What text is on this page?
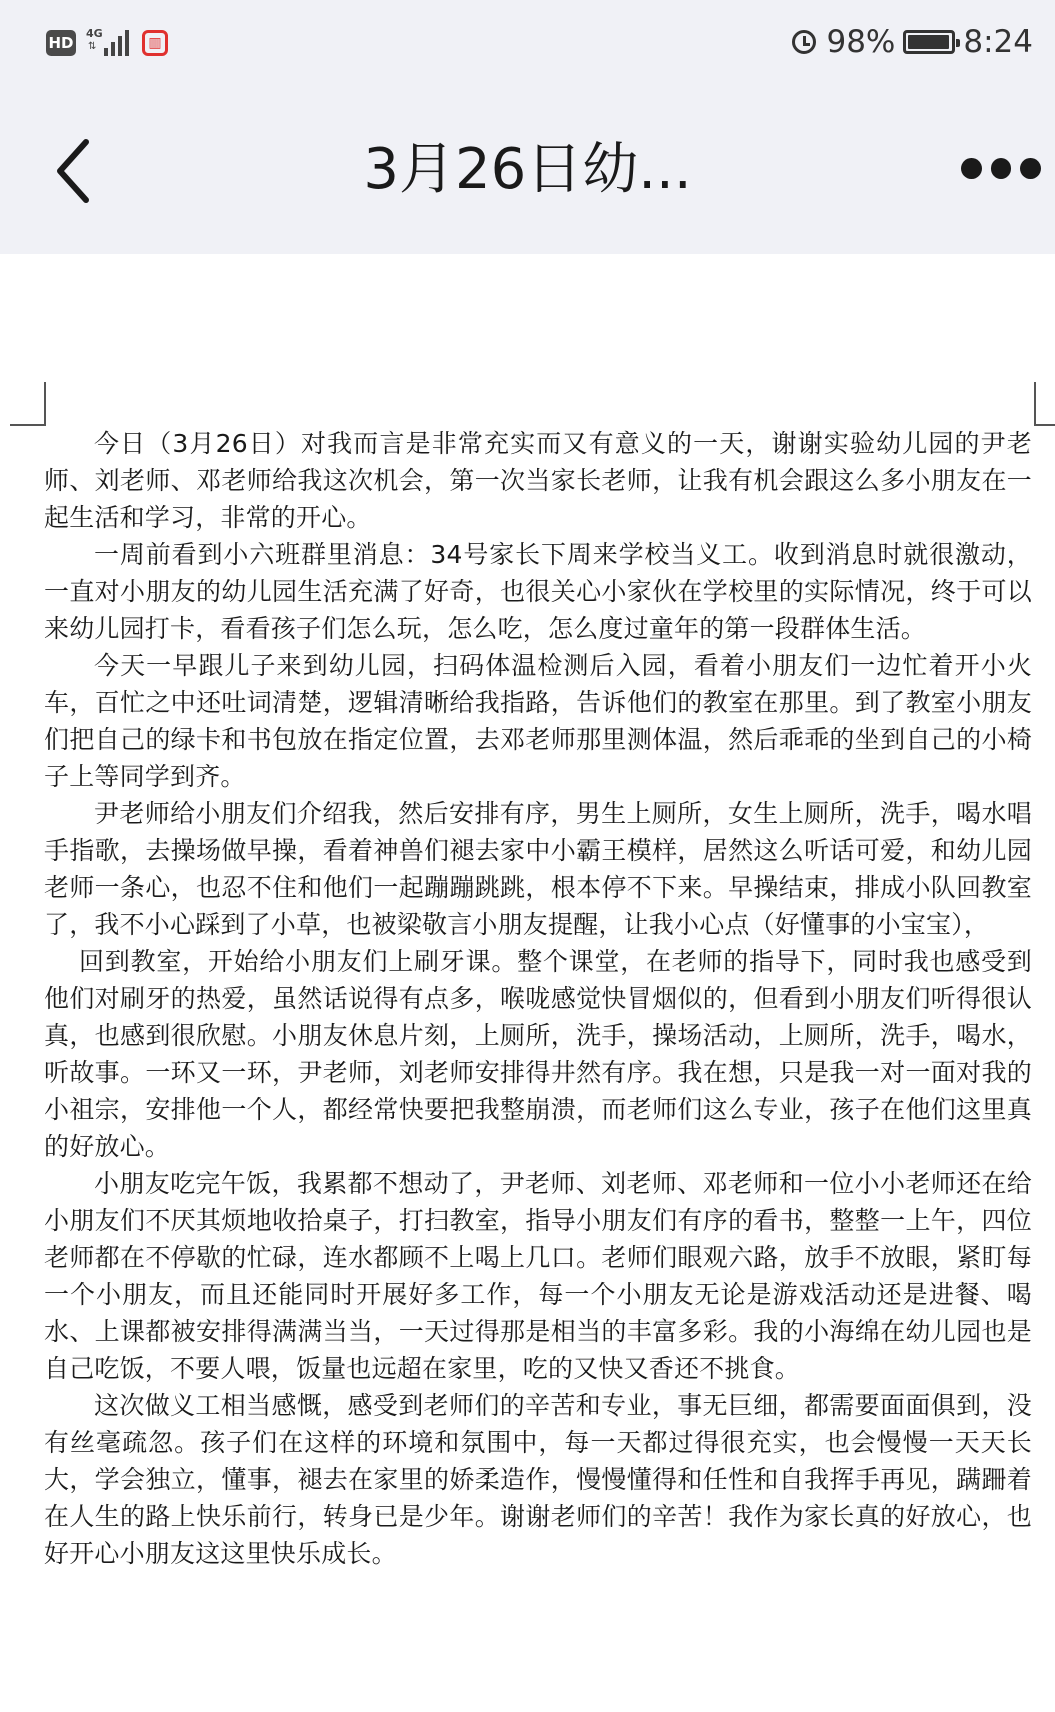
HD
4G
⇅	▥	98% 8:24
3月26日幼...

今日（3月26日）对我而言是非常充实而又有意义的一天，谢谢实验幼儿园的尹老师、刘老师、邓老师给我这次机会，第一次当家长老师，让我有机会跟这么多小朋友在一起生活和学习，非常的开心。

一周前看到小六班群里消息：34号家长下周来学校当义工。收到消息时就很激动，一直对小朋友的幼儿园生活充满了好奇，也很关心小家伙在学校里的实际情况，终于可以来幼儿园打卡，看看孩子们怎么玩，怎么吃，怎么度过童年的第一段群体生活。

今天一早跟儿子来到幼儿园，扫码体温检测后入园，看着小朋友们一边忙着开小火车，百忙之中还吐词清楚，逻辑清晰给我指路，告诉他们的教室在那里。到了教室小朋友们把自己的绿卡和书包放在指定位置，去邓老师那里测体温，然后乖乖的坐到自己的小椅子上等同学到齐。

尹老师给小朋友们介绍我，然后安排有序，男生上厕所，女生上厕所，洗手，喝水唱手指歌，去操场做早操，看着神兽们褪去家中小霸王模样，居然这么听话可爱，和幼儿园老师一条心，也忍不住和他们一起蹦蹦跳跳，根本停不下来。早操结束，排成小队回教室了，我不小心踩到了小草，也被梁敬言小朋友提醒，让我小心点（好懂事的小宝宝），

回到教室，开始给小朋友们上刷牙课。整个课堂，在老师的指导下，同时我也感受到他们对刷牙的热爱，虽然话说得有点多，喉咙感觉快冒烟似的，但看到小朋友们听得很认真，也感到很欣慰。小朋友休息片刻，上厕所，洗手，操场活动，上厕所，洗手，喝水，听故事。一环又一环，尹老师，刘老师安排得井然有序。我在想，只是我一对一面对我的小祖宗，安排他一个人，都经常快要把我整崩溃，而老师们这么专业，孩子在他们这里真的好放心。

小朋友吃完午饭，我累都不想动了，尹老师、刘老师、邓老师和一位小小老师还在给小朋友们不厌其烦地收拾桌子，打扫教室，指导小朋友们有序的看书，整整一上午，四位老师都在不停歇的忙碌，连水都顾不上喝上几口。老师们眼观六路，放手不放眼，紧盯每一个小朋友，而且还能同时开展好多工作，每一个小朋友无论是游戏活动还是进餐、喝水、上课都被安排得满满当当，一天过得那是相当的丰富多彩。我的小海绵在幼儿园也是自己吃饭，不要人喂，饭量也远超在家里，吃的又快又香还不挑食。

这次做义工相当感慨，感受到老师们的辛苦和专业，事无巨细，都需要面面俱到，没有丝毫疏忽。孩子们在这样的环境和氛围中，每一天都过得很充实，也会慢慢一天天长大，学会独立，懂事，褪去在家里的娇柔造作，慢慢懂得和任性和自我挥手再见，蹒跚着在人生的路上快乐前行，转身已是少年。谢谢老师们的辛苦！我作为家长真的好放心，也好开心小朋友这这里快乐成长。
